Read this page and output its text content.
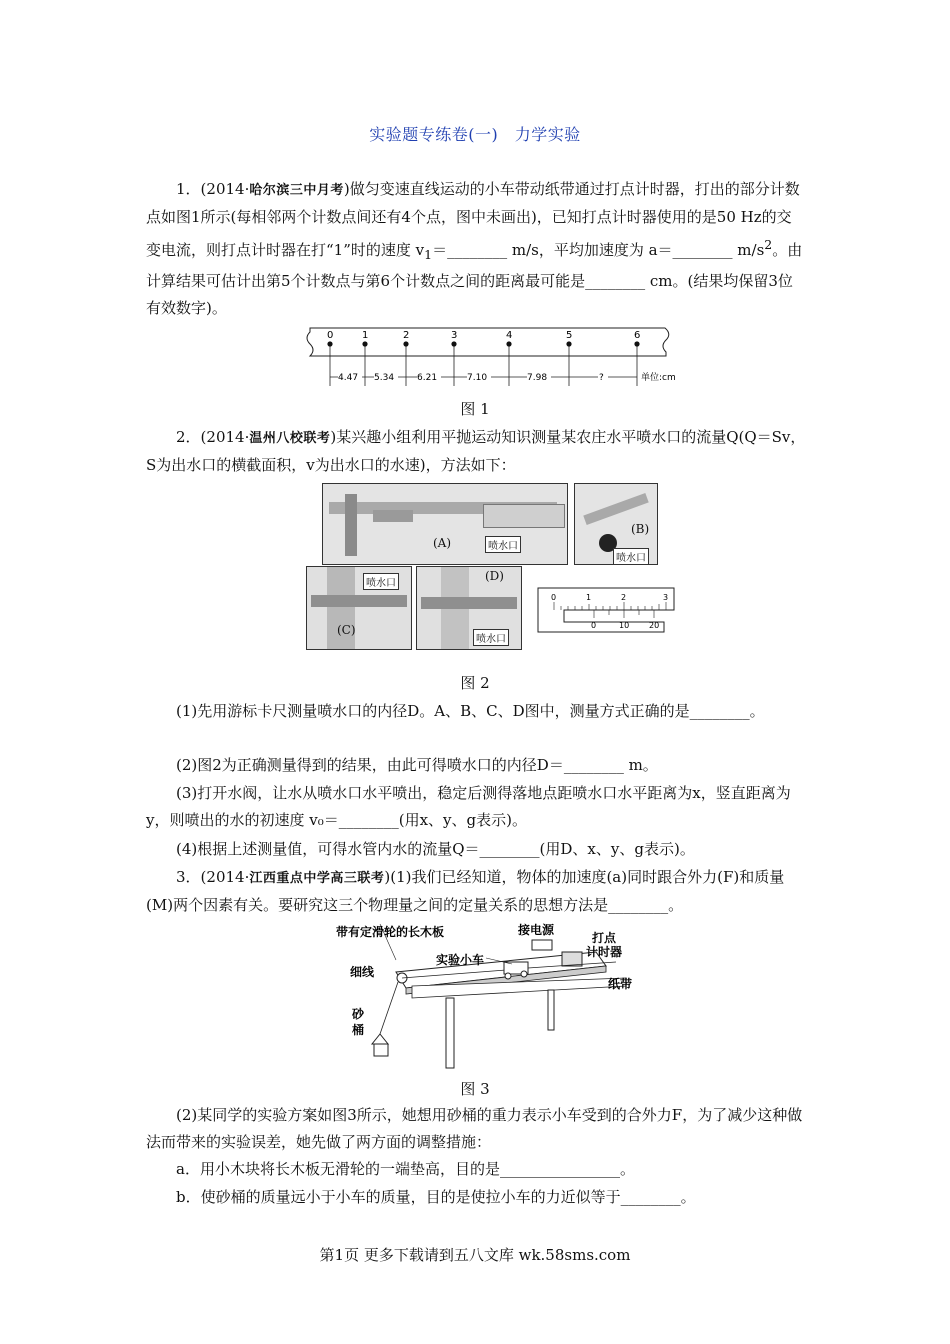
实验题专练卷(一)　力学实验
1．(2014·哈尔滨三中月考)做匀变速直线运动的小车带动纸带通过打点计时器，打出的部分计数点如图1所示(每相邻两个计数点间还有4个点，图中未画出)，已知打点计时器使用的是50 Hz的交变电流，则打点计时器在打“1”时的速度 $v_1=\_\_\_\_\_\_\_\_$ m/s，平均加速度为 a＝________ $m/s^2$。由计算结果可估计出第5个计数点与第6个计数点之间的距离最可能是________ cm。(结果均保留3位有效数字)。
0	1	2	3	4	5	6
4.47 5.34	6.21	7.10	7.98	?	单位:cm
图 1
2．(2014·温州八校联考)某兴趣小组利用平抛运动知识测量某农庄水平喷水口的流量Q(Q＝Sv，S为出水口的横截面积，v为出水口的水速)，方法如下：
(A)	喷水口
(B)
喷水口
(C)
喷水口
(D)
喷水口
0	1	2	3
0	10 20
图 2
(1)先用游标卡尺测量喷水口的内径D。A、B、C、D图中，测量方式正确的是________。
(2)图2为正确测量得到的结果，由此可得喷水口的内径D＝________ m。
(3)打开水阀，让水从喷水口水平喷出，稳定后测得落地点距喷水口水平距离为x，竖直距离为y，则喷出的水的初速度 v₀＝________(用x、y、g表示)。
(4)根据上述测量值，可得水管内水的流量Q＝________(用D、x、y、g表示)。
3．(2014·江西重点中学高三联考)(1)我们已经知道，物体的加速度(a)同时跟合外力(F)和质量(M)两个因素有关。要研究这三个物理量之间的定量关系的思想方法是________。
带有定滑轮的长木板	接电源
实验小车
打点
计时器
细线
纸带
砂
桶
图 3
(2)某同学的实验方案如图3所示，她想用砂桶的重力表示小车受到的合外力F，为了减少这种做法而带来的实验误差，她先做了两方面的调整措施：
a．用小木块将长木板无滑轮的一端垫高，目的是________________。
b．使砂桶的质量远小于小车的质量，目的是使拉小车的力近似等于________。
第1页 更多下载请到五八文库 wk.58sms.com
